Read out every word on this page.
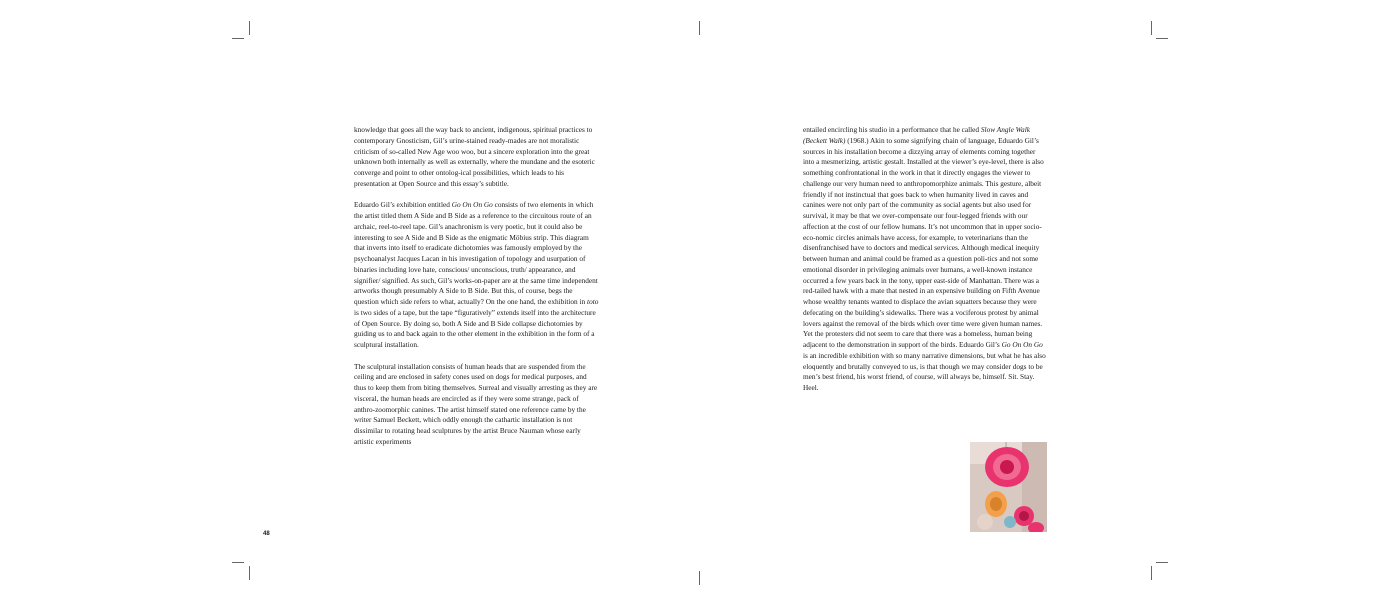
knowledge that goes all the way back to ancient, indigenous, spiritual practices to contemporary Gnosticism, Gil’s urine-stained ready-mades are not moralistic criticism of so-called New Age woo woo, but a sincere exploration into the great unknown both internally as well as externally, where the mundane and the esoteric converge and point to other ontolog-ical possibilities, which leads to his presentation at Open Source and this essay’s subtitle.

Eduardo Gil’s exhibition entitled Go On On Go consists of two elements in which the artist titled them A Side and B Side as a reference to the circuitous route of an archaic, reel-to-reel tape. Gil’s anachronism is very poetic, but it could also be interesting to see A Side and B Side as the enigmatic Möbius strip. This diagram that inverts into itself to eradicate dichotomies was famously employed by the psychoanalyst Jacques Lacan in his investigation of topology and usurpation of binaries including love hate, conscious/ unconscious, truth/ appearance, and signifier/ signified. As such, Gil’s works-on-paper are at the same time independent artworks though presumably A Side to B Side. But this, of course, begs the question which side refers to what, actually? On the one hand, the exhibition in toto is two sides of a tape, but the tape “figuratively” extends itself into the architecture of Open Source. By doing so, both A Side and B Side collapse dichotomies by guiding us to and back again to the other element in the exhibition in the form of a sculptural installation.

The sculptural installation consists of human heads that are suspended from the ceiling and are enclosed in safety cones used on dogs for medical purposes, and thus to keep them from biting themselves. Surreal and visually arresting as they are visceral, the human heads are encircled as if they were some strange, pack of anthro-zoomorphic canines. The artist himself stated one reference came by the writer Samuel Beckett, which oddly enough the cathartic installation is not dissimilar to rotating head sculptures by the artist Bruce Nauman whose early artistic experiments

48

entailed encircling his studio in a performance that he called Slow Angle Walk (Beckett Walk) (1968.) Akin to some signifying chain of language, Eduardo Gil’s sources in his installation become a dizzying array of elements coming together into a mesmerizing, artistic gestalt. Installed at the viewer’s eye-level, there is also something confrontational in the work in that it directly engages the viewer to challenge our very human need to anthropomorphize animals. This gesture, albeit friendly if not instinctual that goes back to when humanity lived in caves and canines were not only part of the community as social agents but also used for survival, it may be that we over-compensate our four-legged friends with our affection at the cost of our fellow humans. It’s not uncommon that in upper socio- eco-nomic circles animals have access, for example, to veterinarians than the disenfranchised have to doctors and medical services. Although medical inequity between human and animal could be framed as a question poli-tics and not some emotional disorder in privileging animals over humans, a well-known instance occurred a few years back in the tony, upper east-side of Manhattan. There was a red-tailed hawk with a mate that nested in an expensive building on Fifth Avenue whose wealthy tenants wanted to displace the avian squatters because they were defecating on the building’s sidewalks. There was a vociferous protest by animal lovers against the removal of the birds which over time were given human names. Yet the protesters did not seem to care that there was a homeless, human being adjacent to the demonstration in support of the birds. Eduardo Gil’s Go On On Go is an incredible exhibition with so many narrative dimensions, but what he has also eloquently and brutally conveyed to us, is that though we may consider dogs to be men’s best friend, his worst friend, of course, will always be, himself. Sit. Stay. Heel.
